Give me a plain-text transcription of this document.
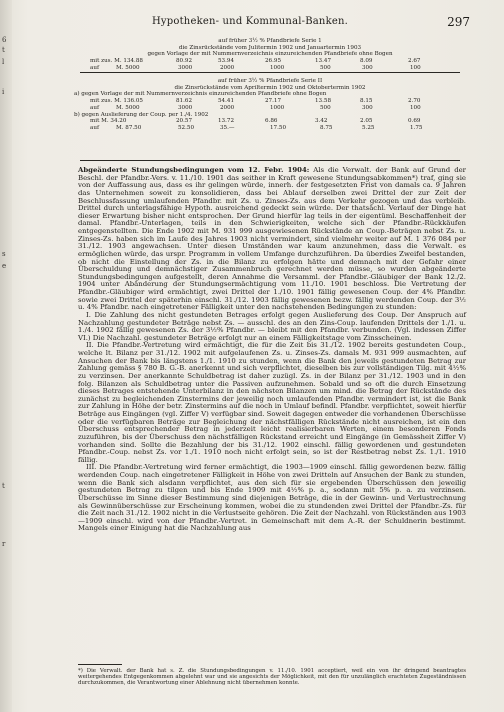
6
t
l
i
s
e
t
r
Hypotheken- und Kommunal-Banken.	297
auf früher 3½ % Pfandbriefe Serie 1
die Zinsrückstände vom Julitermin 1902 und Januartermin 1903
gegen Vorlage der mit Nummernverzeichnis einzureichenden Pfandbriefe ohne Bogen
mit zus. M. 134.88	80.92	53.94	26.95	13.47	8.09	2.67
auf	M. 5000	3000	2000	1000	500	300	100
auf früher 3½ % Pfandbriefe Serie II
die Zinsrückstände vom Apriltermin 1902 und Oktobertermin 1902
a) gegen Vorlage der mit Nummernverzeichnis einzureichenden Pfandbriefe ohne Bogen
mit zus. M. 136.05	81.62	54.41	27.17	13.58	8.15	2.70
auf	M. 5000	3000	2000	1000	500	300	100
b) gegen Auslieferung der Coup. per 1./4. 1902
mit M. 34.20	20.57	13.72	6.86	3.42	2.05	0.69
auf	M. 87.50	52.50	35.—	17.50	8.75	5.25	1.75

Abgeänderte Stundungsbedingungen vom 12. Febr. 1904: Als die Verwalt. der Bank auf Grund der Beschl. der Pfandbr.-Vers. v. 11./10. 1901 das seither in Kraft gewesene Stundungsabkommen*) traf, ging sie von der Auffassung aus, dass es ihr gelingen würde, innerh. der festgesetzten Frist von damals ca. 9 Jahren das Unternehmen soweit zu konsolidieren, dass bei Ablauf derselben zwei Drittel der zur Zeit der Beschlussfassung umlaufenden Pfandbr. mit Zs. u. Zinses-Zs. aus dem Verkehr gezogen und das verbleib. Drittel durch unterlagsfähige Hypoth. ausreichend gedeckt sein würde. Der thatsächl. Verlauf der Dinge hat dieser Erwartung bisher nicht entsprochen. Der Grund hierfür lag teils in der eigentüml. Beschaffenheit der damal. Pfandbr.-Unterlagen, teils in den Schwierigkeiten, welche sich der Pfandbr.-Rückkäufen entgegenstellten. Die Ende 1902 mit M. 931 999 ausgewiesenen Rückstände an Coup.-Beträgen nebst Zs. u. Zinses-Zs. haben sich im Laufe des Jahres 1903 nicht vermindert, sind vielmehr weiter auf M. 1 376 084 per 31./12. 1903 angewachsen. Unter diesen Umständen war kaum anzunehmen, dass die Verwalt. es ermöglichen würde, das urspr. Programm in vollem Umfange durchzuführen. Da überdies Zweifel bestanden, ob nicht die Einstellung der Zs. in die Bilanz zu erfolgen hätte und demnach mit der Gefahr einer Überschuldung und demnächstiger Zusammenbruch gerechnet werden müsse, so wurden abgeänderte Stundungsbedingungen aufgestellt, deren Annahme die Versamml. der Pfandbr.-Gläubiger der Bank 12./2. 1904 unter Abänderung der Stundungsermächtigung vom 11./10. 1901 beschloss. Die Vertretung der Pfandbr.-Gläubiger wird ermächtigt, zwei Drittel der 1./10. 1901 fällig gewesenen Coup. der 4% Pfandbr. sowie zwei Drittel der späterhin einschl. 31./12. 1903 fällig gewesenen bezw. fällig werdenden Coup. der 3½ u. 4% Pfandbr. nach eingetretener Fälligkeit unter den nachstehenden Bedingungen zu stunden:

I. Die Zahlung des nicht gestundeten Betrages erfolgt gegen Auslieferung des Coup. Der Anspruch auf Nachzahlung gestundeter Beträge nebst Zs. — ausschl. des an den Zins-Coup. laufenden Drittels der 1./1. u. 1./4. 1902 fällig gewesenen Zs. der 3½% Pfandbr. — bleibt mit den Pfandbr. verbunden. (Vgl. indessen Ziffer VI.) Die Nachzahl. gestundeter Beträge erfolgt nur an einem Fälligkeitstage vom Zinsscheinen.

II. Die Pfandbr.-Vertretung wird ermächtigt, die für die Zeit bis 31./12. 1902 bereits gestundeten Coup., welche lt. Bilanz per 31./12. 1902 mit aufgelaufenen Zs. u. Zinses-Zs. damals M. 931 999 ausmachten, auf Ansuchen der Bank bis längstens 1./1. 1910 zu stunden, wenn die Bank den jeweils gestundeten Betrag zur Zahlung gemäss § 780 B. G.-B. anerkennt und sich verpflichtet, dieselben bis zur vollständigen Tilg. mit 4½% zu verzinsen. Der anerkannte Schuldbetrag ist daher zuzügl. Zs. in der Bilanz per 31./12. 1903 und in den folg. Bilanzen als Schuldbetrag unter die Passiven aufzunehmen. Sobald und so oft die durch Einsetzung dieses Betrages entstehende Unterbilanz in den nächsten Bilanzen um mind. die Betrag der Rückstände des zunächst zu begleichenden Zinstermins der jeweilig noch umlaufenden Pfandbr. vermindert ist, ist die Bank zur Zahlung in Höhe der betr. Zinstermins auf die noch in Umlauf befindl. Pfandbr. verpflichtet, soweit hierfür Beträge aus Eingängen (vgl. Ziffer V) verfügbar sind. Soweit dagegen entweder die vorhandenen Überschüsse oder die verfügbaren Beträge zur Begleichung der nächstfälligen Rückstände nicht ausreichen, ist ein den Überschuss entsprechender Betrag in jederzeit leicht realisierbaren Werten, einem besonderen Fonds zuzuführen, bis der Überschuss den nächstfälligen Rückstand erreicht und Eingänge (in Gemässheit Ziffer V) vorhanden sind. Sollte die Bezahlung der bis 31./12. 1902 einschl. fällig gewordenen und gestundeten Pfandbr.-Coup. nebst Zs. vor 1./1. 1910 noch nicht erfolgt sein, so ist der Restbetrag nebst Zs. 1./1. 1910 fällig.

III. Die Pfandbr.-Vertretung wird ferner ermächtigt, die 1903—1909 einschl. fällig gewordenen bezw. fällig werdenden Coup. nach eingetretener Fälligkeit in Höhe von zwei Dritteln auf Ansuchen der Bank zu stunden, wenn die Bank sich alsdann verpflichtet, aus den sich für sie ergebenden Überschüssen den jeweilig gestundeten Betrag zu tilgen und bis Ende 1909 mit 4½% p. a., sodann mit 5% p. a. zu verzinsen. Überschüsse im Sinne dieser Bestimmung sind diejenigen Beträge, die in der Gewinn- und Verlustrechnung als Gewinnüberschüsse zur Erscheinung kommen, wobei die zu stundenden zwei Drittel der Pfandbr.-Zs. für die Zeit nach 31./12. 1902 nicht in die Verlustseite gehören. Die Zeit der Nachzahl. von Rückständen aus 1903—1909 einschl. wird von der Pfandbr.-Vertret. in Gemeinschaft mit dem A.-R. der Schuldnerin bestimmt. Mangels einer Einigung hat die Nachzahlung aus

*) Die Verwalt. der Bank hat s. Z. die Stundungsbedingungen v. 11./10. 1901 acceptiert, weil ein von ihr dringend beantragtes weitergehendes Entgegenkommen abgelehnt war und sie angesichts der Möglichkeit, mit den für unzulänglich erachteten Zugeständnissen durchzukommen, die Verantwortung einer Ablehnung nicht übernehmen konnte.
